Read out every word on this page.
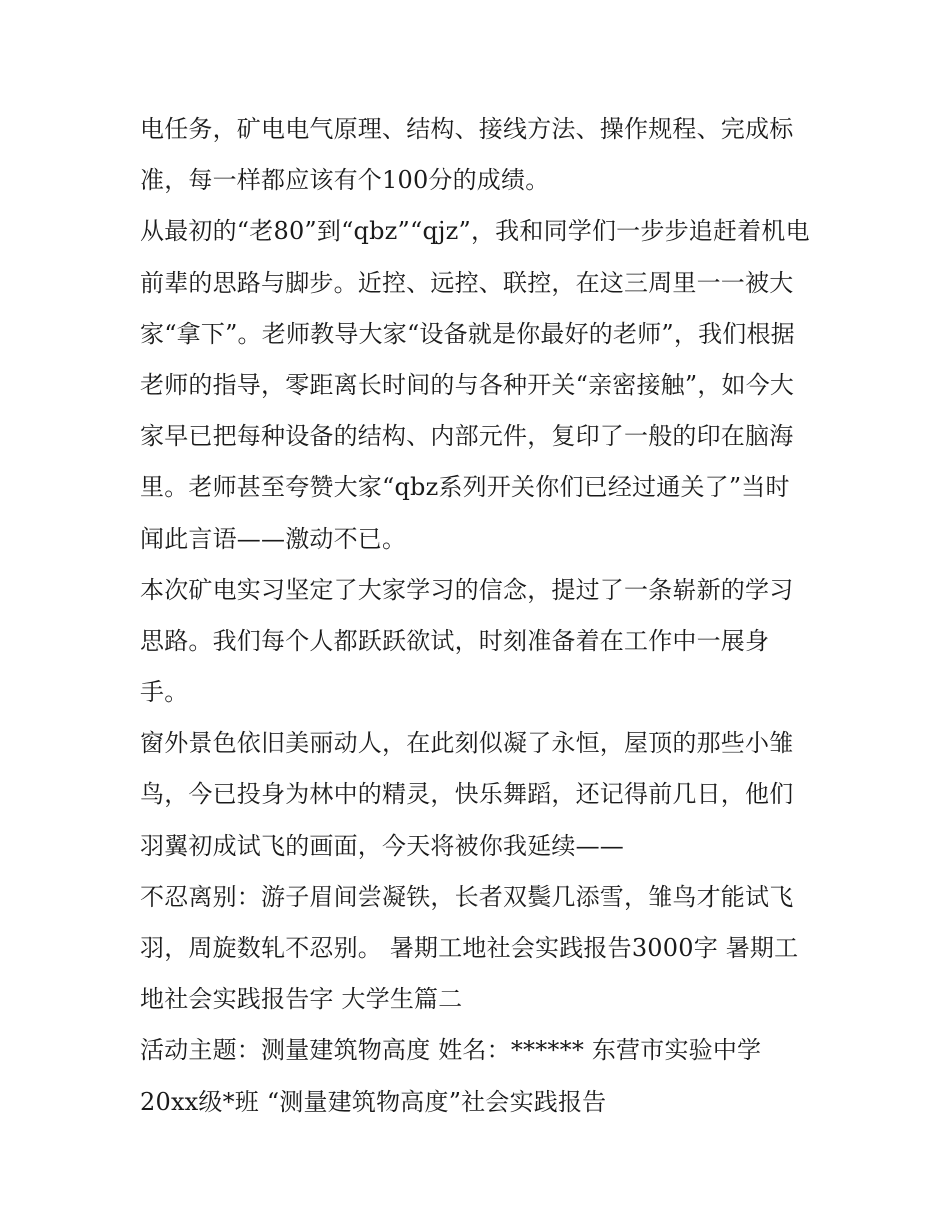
电任务，矿电电气原理、结构、接线方法、操作规程、完成标
准，每一样都应该有个100分的成绩。
从最初的“老80”到“qbz”“qjz”，我和同学们一步步追赶着机电
前辈的思路与脚步。近控、远控、联控，在这三周里一一被大
家“拿下”。老师教导大家“设备就是你最好的老师”，我们根据
老师的指导，零距离长时间的与各种开关“亲密接触”，如今大
家早已把每种设备的结构、内部元件，复印了一般的印在脑海
里。老师甚至夸赞大家“qbz系列开关你们已经过通关了”当时
闻此言语——激动不已。
本次矿电实习坚定了大家学习的信念，提过了一条崭新的学习
思路。我们每个人都跃跃欲试，时刻准备着在工作中一展身
手。
窗外景色依旧美丽动人，在此刻似凝了永恒，屋顶的那些小雏
鸟，今已投身为林中的精灵，快乐舞蹈，还记得前几日，他们
羽翼初成试飞的画面，今天将被你我延续——
不忍离别：游子眉间尝凝铁，长者双鬓几添雪，雏鸟才能试飞
羽，周旋数轧不忍别。 暑期工地社会实践报告3000字 暑期工
地社会实践报告字 大学生篇二
活动主题：测量建筑物高度 姓名：****** 东营市实验中学
20xx级*班 “测量建筑物高度”社会实践报告
